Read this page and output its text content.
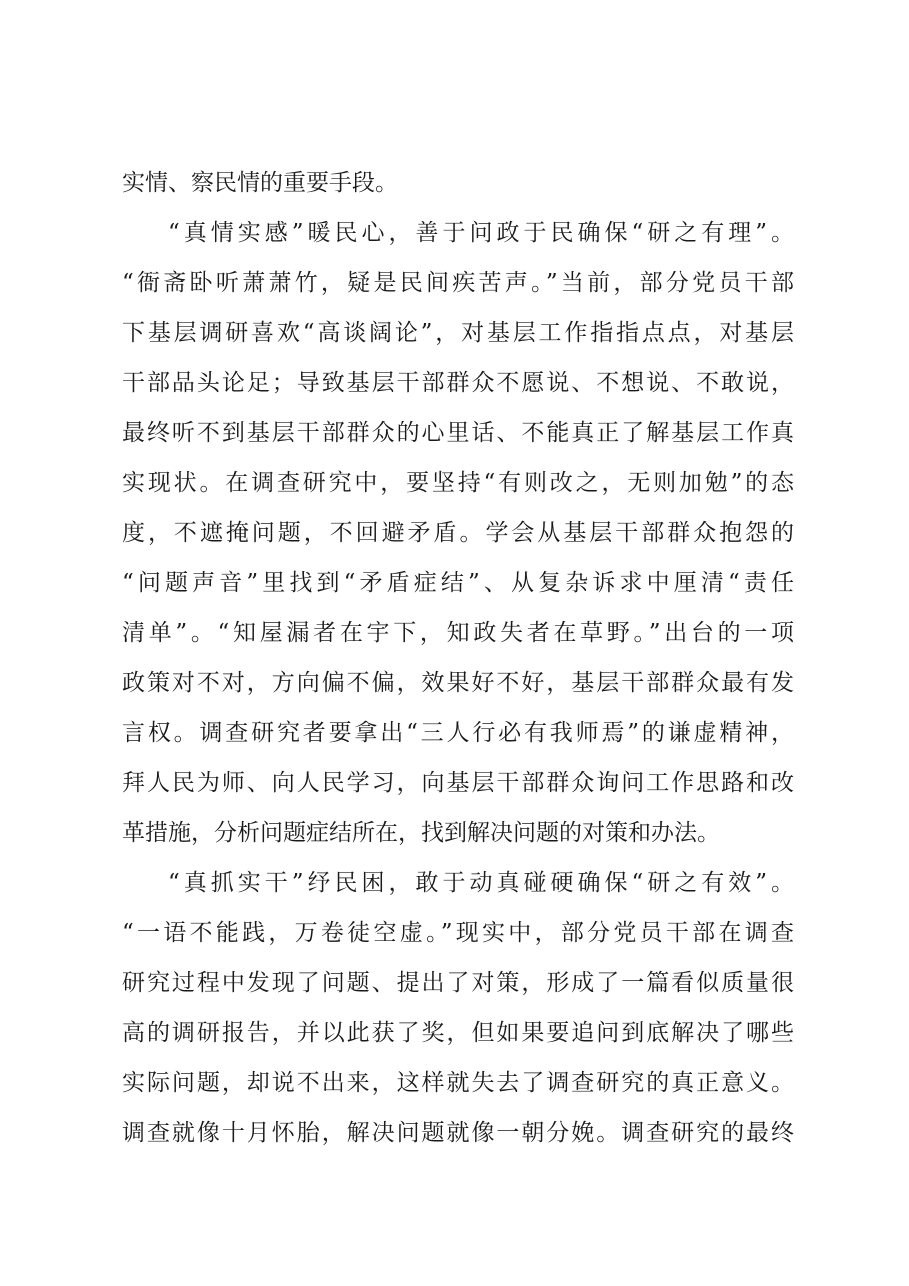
实情、察民情的重要手段。
“真情实感”暖民心，善于问政于民确保“研之有理”。
“衙斋卧听萧萧竹，疑是民间疾苦声。”当前，部分党员干部
下基层调研喜欢“高谈阔论”，对基层工作指指点点，对基层
干部品头论足；导致基层干部群众不愿说、不想说、不敢说，
最终听不到基层干部群众的心里话、不能真正了解基层工作真
实现状。在调查研究中，要坚持“有则改之，无则加勉”的态
度，不遮掩问题，不回避矛盾。学会从基层干部群众抱怨的
“问题声音”里找到“矛盾症结”、从复杂诉求中厘清“责任
清单”。“知屋漏者在宇下，知政失者在草野。”出台的一项
政策对不对，方向偏不偏，效果好不好，基层干部群众最有发
言权。调查研究者要拿出“三人行必有我师焉”的谦虚精神，
拜人民为师、向人民学习，向基层干部群众询问工作思路和改
革措施，分析问题症结所在，找到解决问题的对策和办法。
“真抓实干”纾民困，敢于动真碰硬确保“研之有效”。
“一语不能践，万卷徒空虚。”现实中，部分党员干部在调查
研究过程中发现了问题、提出了对策，形成了一篇看似质量很
高的调研报告，并以此获了奖，但如果要追问到底解决了哪些
实际问题，却说不出来，这样就失去了调查研究的真正意义。
调查就像十月怀胎，解决问题就像一朝分娩。调查研究的最终
